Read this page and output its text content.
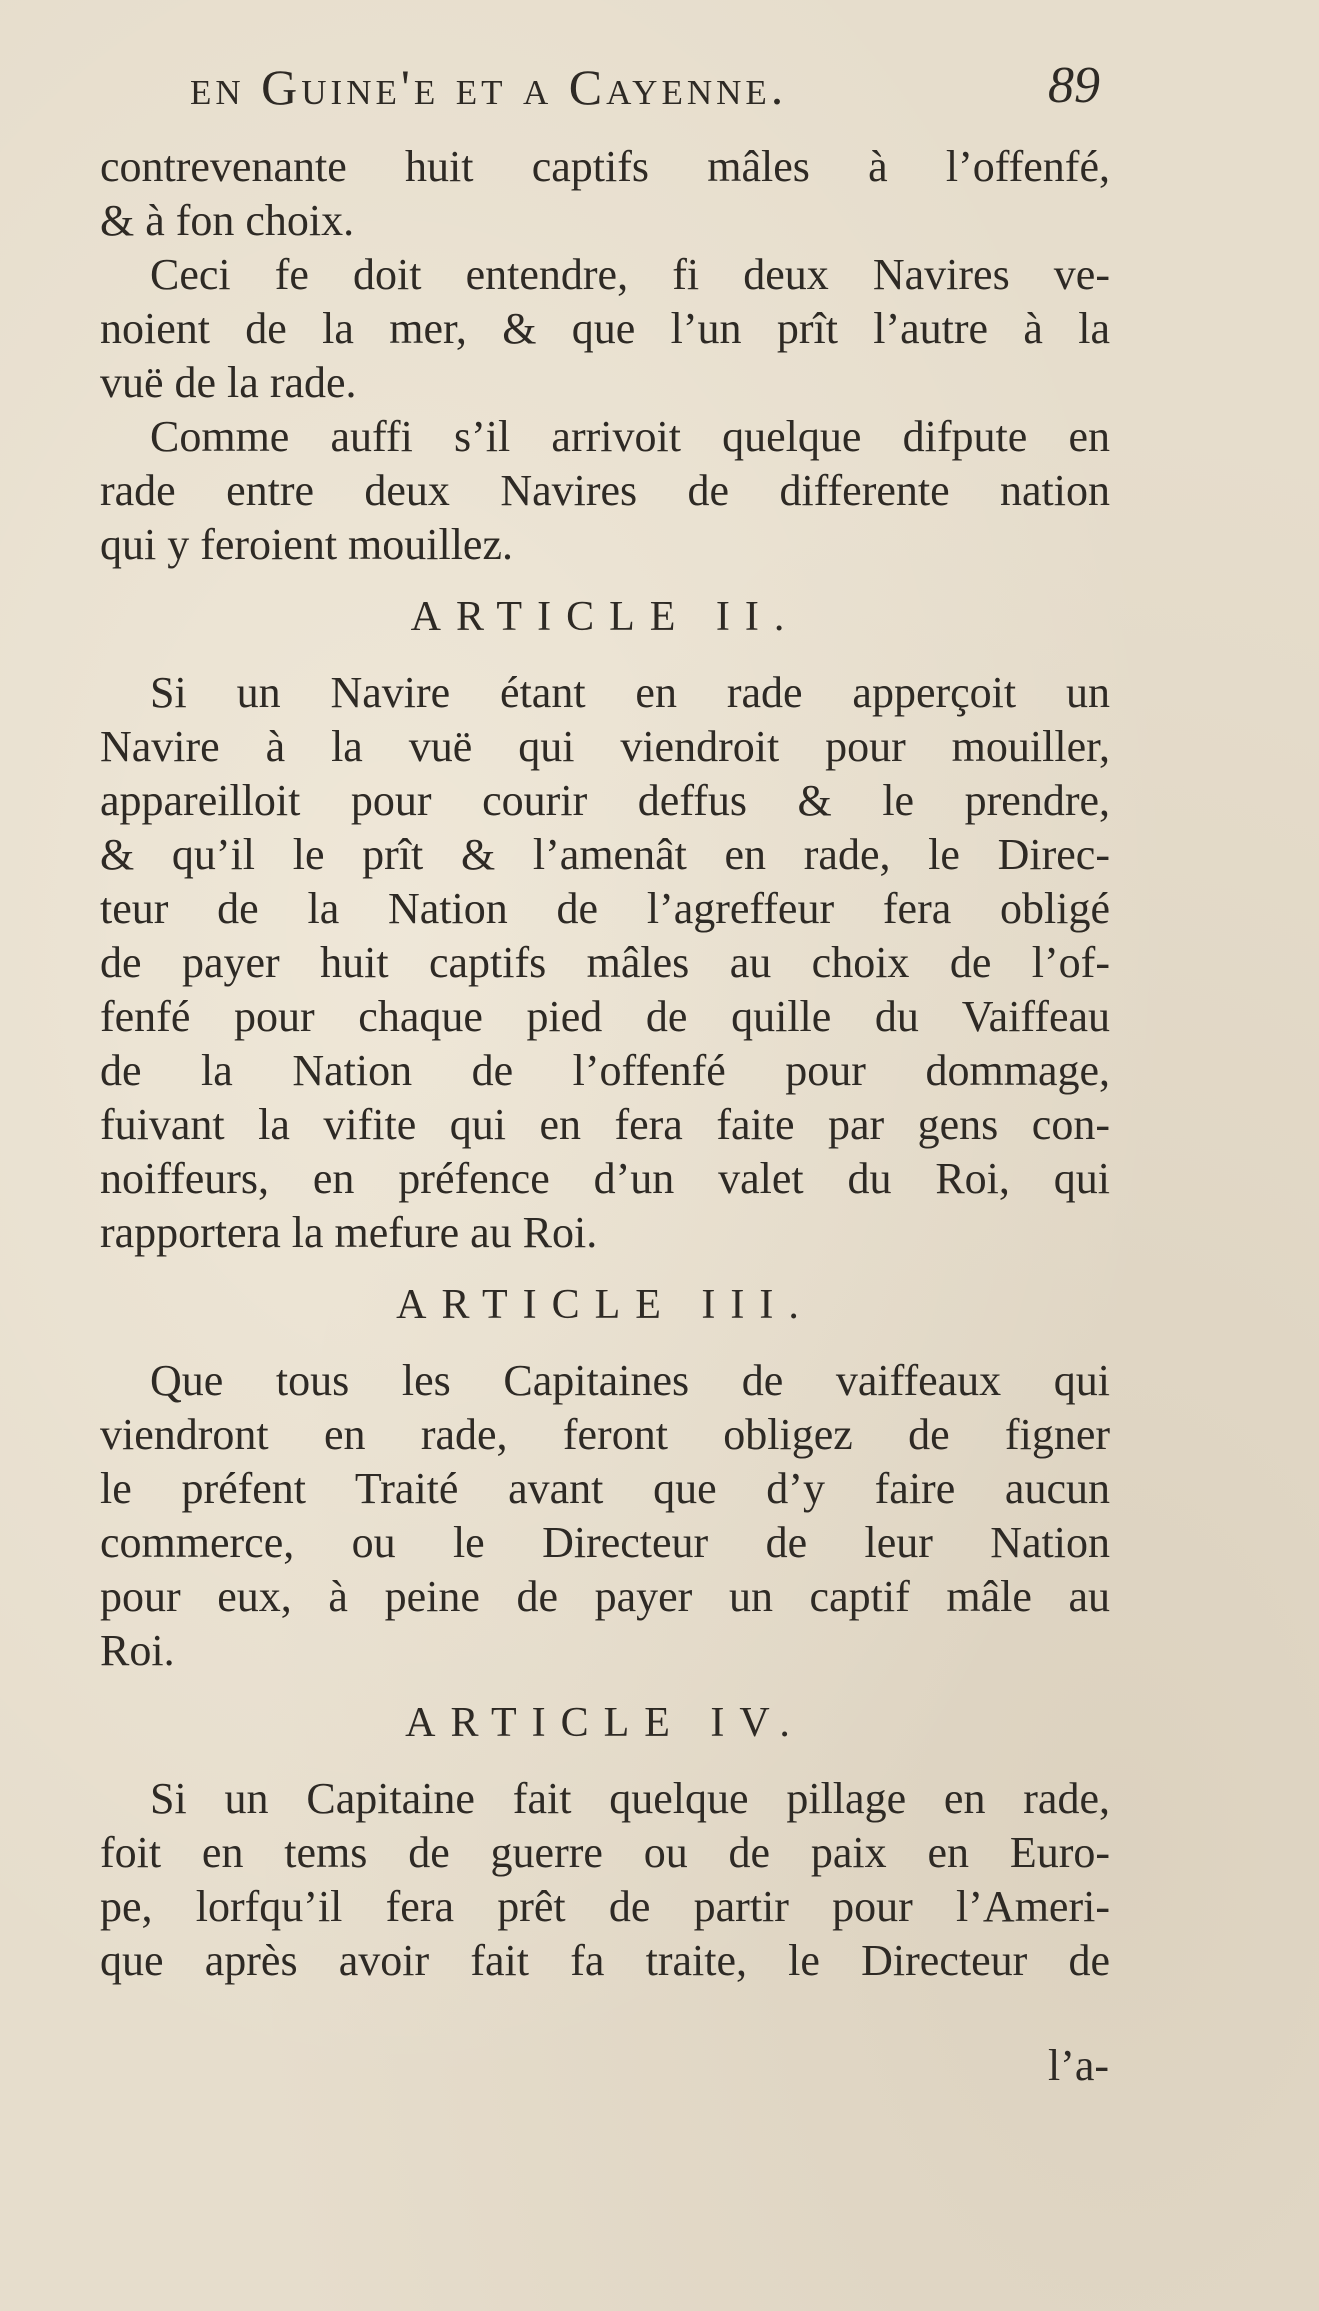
en Guine'e et a Cayenne.	89
contrevenante huit captifs mâles à l’offenfé,
& à fon choix.
Ceci fe doit entendre, fi deux Navires ve-
noient de la mer, & que l’un prît l’autre à la
vuë de la rade.
Comme auffi s’il arrivoit quelque difpute en
rade entre deux Navires de differente nation
qui y feroient mouillez.
ARTICLE II.
Si un Navire étant en rade apperçoit un
Navire à la vuë qui viendroit pour mouiller,
appareilloit pour courir deffus & le prendre,
& qu’il le prît & l’amenât en rade, le Direc-
teur de la Nation de l’agreffeur fera obligé
de payer huit captifs mâles au choix de l’of-
fenfé pour chaque pied de quille du Vaiffeau
de la Nation de l’offenfé pour dommage,
fuivant la vifite qui en fera faite par gens con-
noiffeurs, en préfence d’un valet du Roi, qui
rapportera la mefure au Roi.
ARTICLE III.
Que tous les Capitaines de vaiffeaux qui
viendront en rade, feront obligez de figner
le préfent Traité avant que d’y faire aucun
commerce, ou le Directeur de leur Nation
pour eux, à peine de payer un captif mâle au
Roi.
ARTICLE IV.
Si un Capitaine fait quelque pillage en rade,
foit en tems de guerre ou de paix en Euro-
pe, lorfqu’il fera prêt de partir pour l’Ameri-
que après avoir fait fa traite, le Directeur de
l’a-
